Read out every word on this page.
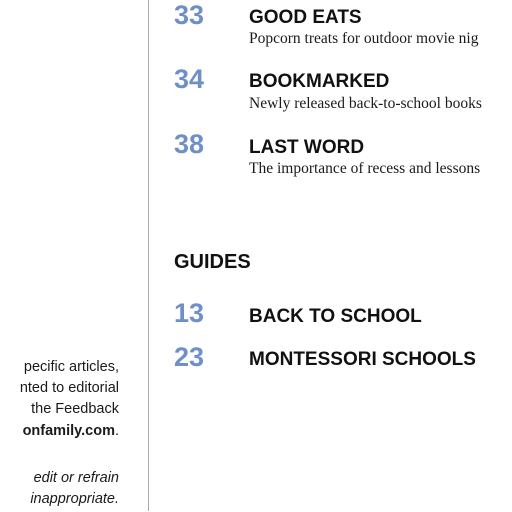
pecific articles,
nted to editorial
the Feedback
onfamily.com.
edit or refrain
inappropriate.
33 GOOD EATS
Popcorn treats for outdoor movie nig
34 BOOKMARKED
Newly released back-to-school books
38 LAST WORD
The importance of recess and lessons
GUIDES
13 BACK TO SCHOOL
23 MONTESSORI SCHOOLS
